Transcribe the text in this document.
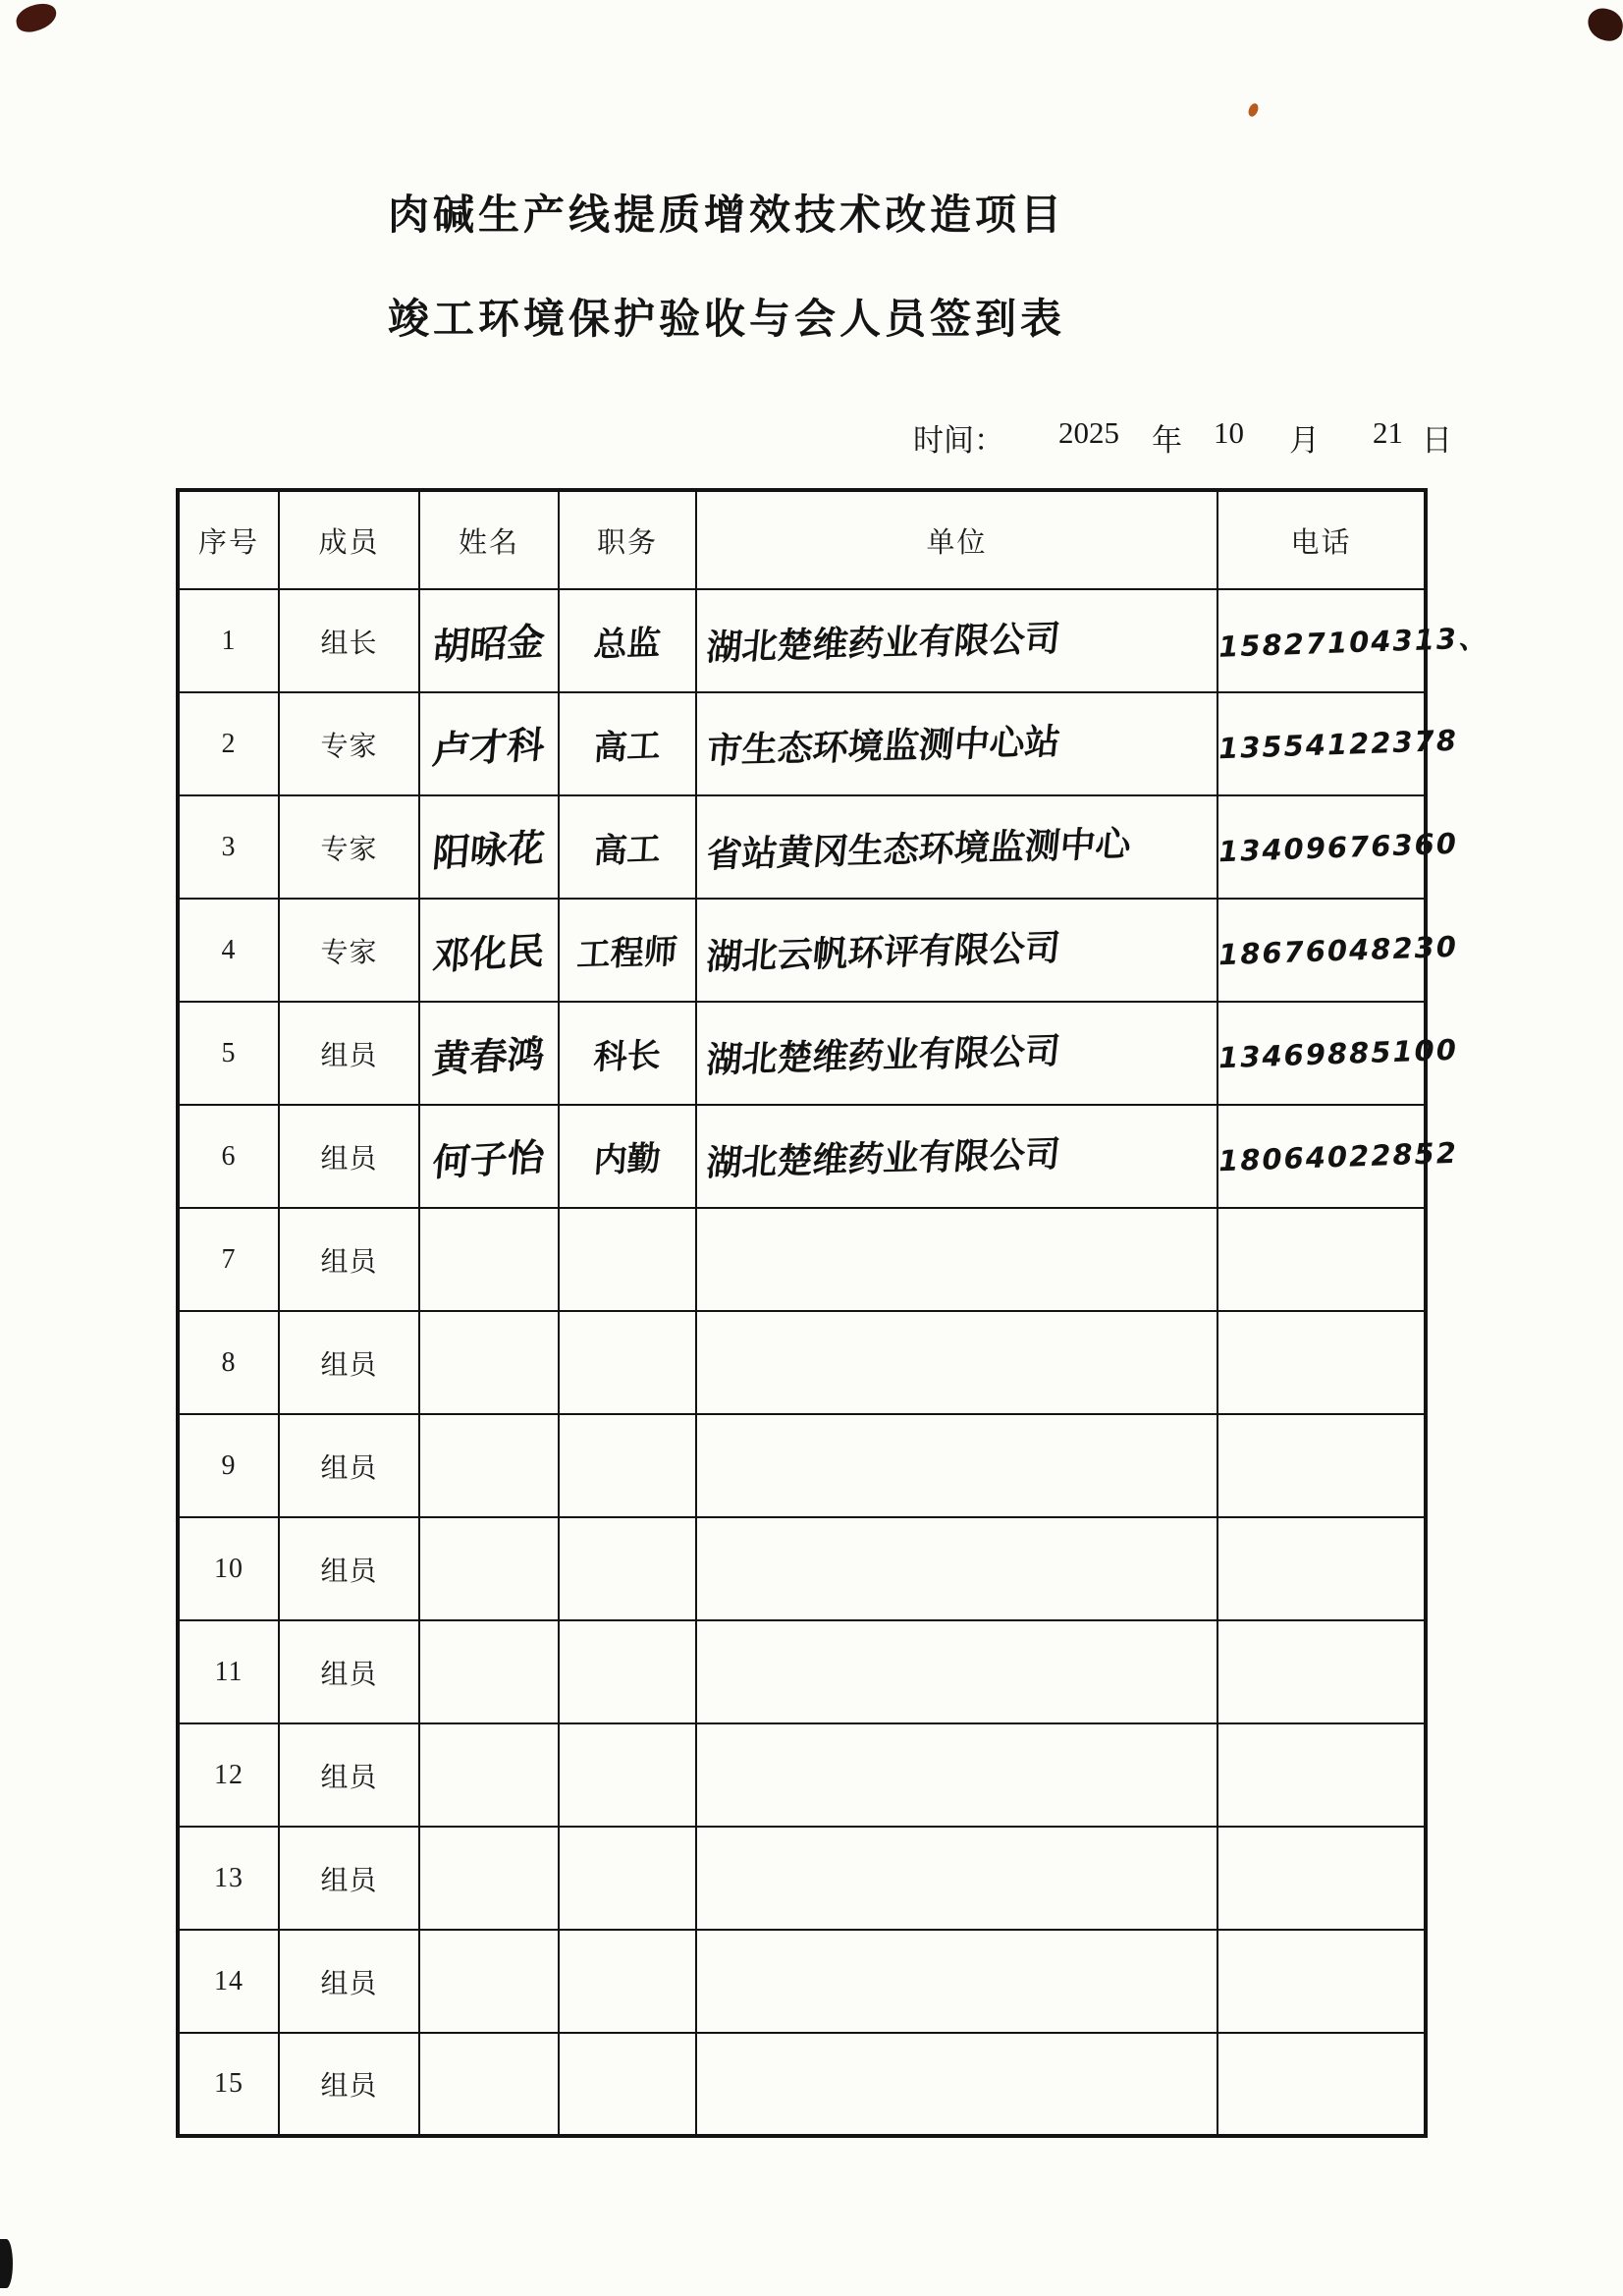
肉碱生产线提质增效技术改造项目
竣工环境保护验收与会人员签到表
时间： 2025 年 10 月 21 日
序号	成员	姓名	职务	单位	电话
1	组长	胡昭金	总监	湖北楚维药业有限公司	15827104313、
2	专家	卢才科	高工	市生态环境监测中心站	13554122378
3	专家	阳咏花	高工	省站黄冈生态环境监测中心	13409676360
4	专家	邓化民	工程师	湖北云帆环评有限公司	18676048230
5	组员	黄春鸿	科长	湖北楚维药业有限公司	13469885100
6	组员	何子怡	内勤	湖北楚维药业有限公司	18064022852
7	组员				
8	组员				
9	组员				
10	组员				
11	组员				
12	组员				
13	组员				
14	组员				
15	组员				
